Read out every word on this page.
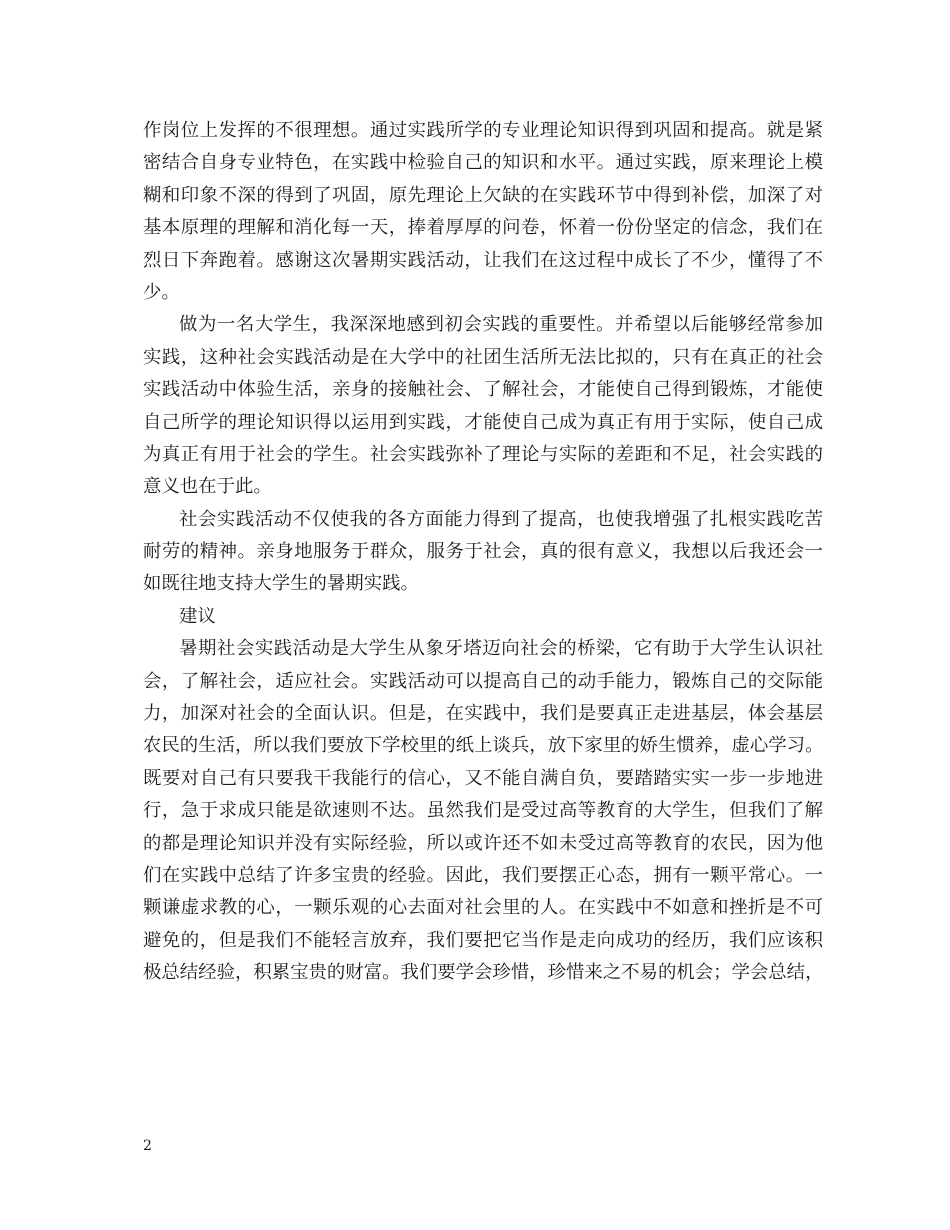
作岗位上发挥的不很理想。通过实践所学的专业理论知识得到巩固和提高。就是紧
密结合自身专业特色，在实践中检验自己的知识和水平。通过实践，原来理论上模
糊和印象不深的得到了巩固，原先理论上欠缺的在实践环节中得到补偿，加深了对
基本原理的理解和消化每一天，捧着厚厚的问卷，怀着一份份坚定的信念，我们在
烈日下奔跑着。感谢这次暑期实践活动，让我们在这过程中成长了不少，懂得了不
少。
做为一名大学生，我深深地感到初会实践的重要性。并希望以后能够经常参加
实践，这种社会实践活动是在大学中的社团生活所无法比拟的，只有在真正的社会
实践活动中体验生活，亲身的接触社会、了解社会，才能使自己得到锻炼，才能使
自己所学的理论知识得以运用到实践，才能使自己成为真正有用于实际，使自己成
为真正有用于社会的学生。社会实践弥补了理论与实际的差距和不足，社会实践的
意义也在于此。
社会实践活动不仅使我的各方面能力得到了提高，也使我增强了扎根实践吃苦
耐劳的精神。亲身地服务于群众，服务于社会，真的很有意义，我想以后我还会一
如既往地支持大学生的暑期实践。
建议
暑期社会实践活动是大学生从象牙塔迈向社会的桥梁，它有助于大学生认识社
会，了解社会，适应社会。实践活动可以提高自己的动手能力，锻炼自己的交际能
力，加深对社会的全面认识。但是，在实践中，我们是要真正走进基层，体会基层
农民的生活，所以我们要放下学校里的纸上谈兵，放下家里的娇生惯养，虚心学习。
既要对自己有只要我干我能行的信心，又不能自满自负，要踏踏实实一步一步地进
行，急于求成只能是欲速则不达。虽然我们是受过高等教育的大学生，但我们了解
的都是理论知识并没有实际经验，所以或许还不如未受过高等教育的农民，因为他
们在实践中总结了许多宝贵的经验。因此，我们要摆正心态，拥有一颗平常心。一
颗谦虚求教的心，一颗乐观的心去面对社会里的人。在实践中不如意和挫折是不可
避免的，但是我们不能轻言放弃，我们要把它当作是走向成功的经历，我们应该积
极总结经验，积累宝贵的财富。我们要学会珍惜，珍惜来之不易的机会；学会总结，
2
